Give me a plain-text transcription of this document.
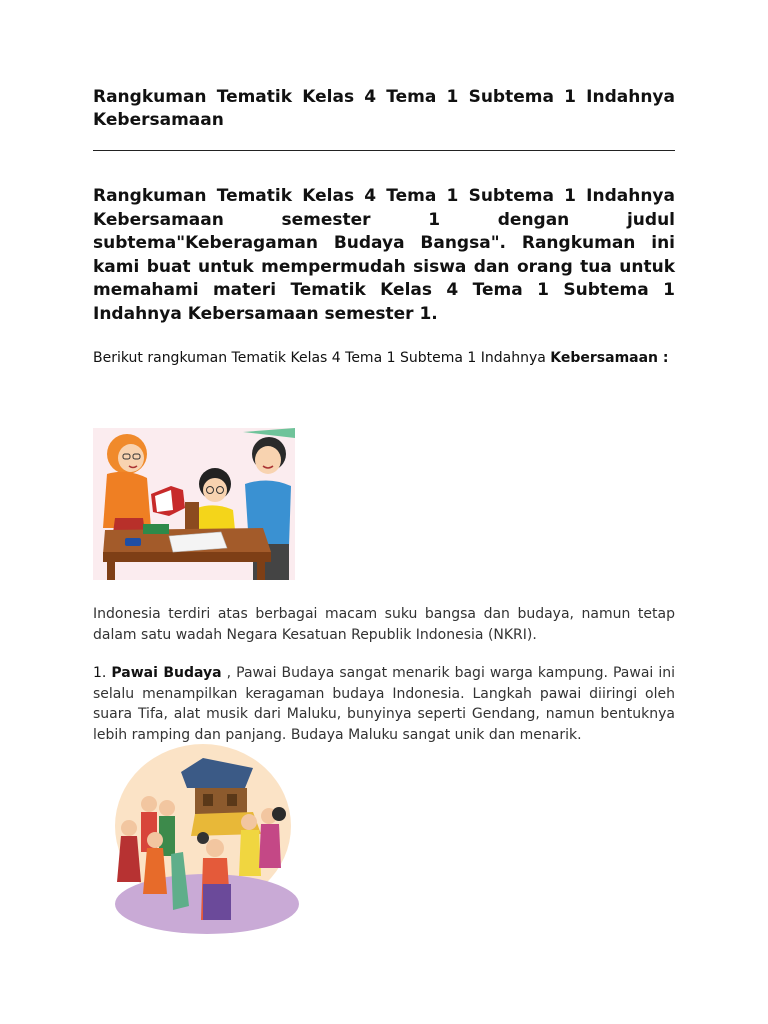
Rangkuman Tematik Kelas 4 Tema 1 Subtema 1 Indahnya Kebersamaan

Rangkuman Tematik Kelas 4 Tema 1 Subtema 1 Indahnya Kebersamaan semester 1 dengan judul subtema"Keberagaman Budaya Bangsa". Rangkuman ini kami buat untuk mempermudah siswa dan orang tua untuk memahami materi Tematik Kelas 4 Tema 1 Subtema 1 Indahnya Kebersamaan semester 1.

Berikut rangkuman Tematik Kelas 4 Tema 1 Subtema 1 Indahnya Kebersamaan :

Indonesia terdiri atas berbagai macam suku bangsa dan budaya, namun tetap dalam satu wadah Negara Kesatuan Republik Indonesia (NKRI).

1. Pawai Budaya , Pawai Budaya sangat menarik bagi warga kampung. Pawai ini selalu menampilkan keragaman budaya Indonesia. Langkah pawai diiringi oleh suara Tifa, alat musik dari Maluku, bunyinya seperti Gendang, namun bentuknya lebih ramping dan panjang. Budaya Maluku sangat unik dan menarik.
